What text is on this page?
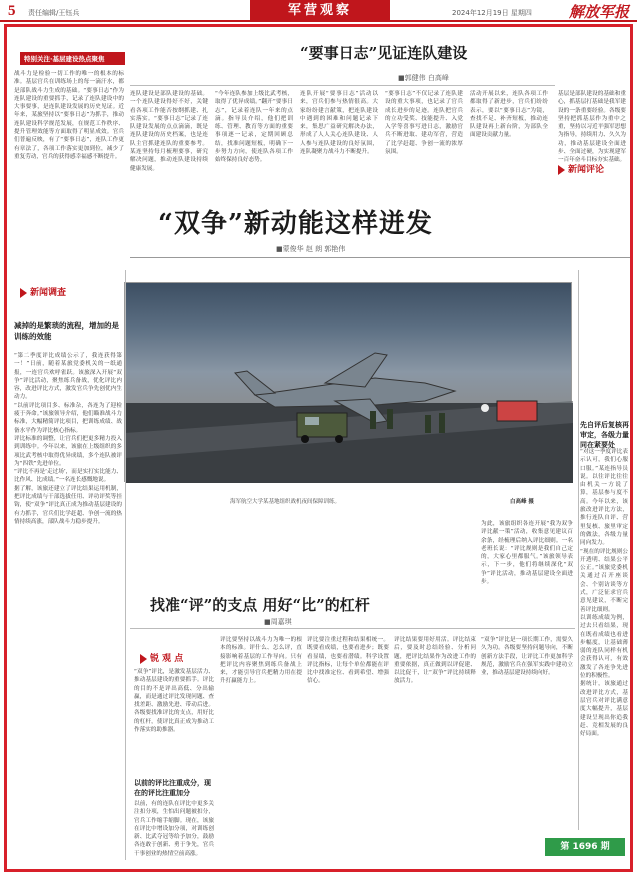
5 责任编辑/王钰兵	军营观察	2024年12月19日 星期四 解放军报
特别关注·基层建设热点聚焦
战斗力是检验一切工作的唯一的根本的标准。基层官兵在训练场上的每一滴汗水，都是部队战斗力生成的基础。“要事日志”作为连队建设的重要抓手，记录了连队建设中的大事要事，是连队建设发展的历史见证。近年来，某旅坚持以“要事日志”为抓手，推动连队建设科学规范发展，在规范工作秩序、提升管理效能等方面取得了明显成效。官兵们普遍反映，有了“要事日志”，连队工作更有章法了，各项工作落实更加到位，减少了重复劳动，官兵的获得感幸福感不断提升。
“要事日志”见证连队建设
■郭健伟 白高峰
连队建设是部队建设的基础。一个连队建设得好不好，关键看各项工作能否按纲抓建、扎实落实。“要事日志”记录了连队建设发展的点点滴滴，既是连队建设的历史档案，也是连队主官抓建连队的重要参考。某连坚持每月梳理要事，研究解决问题，推动连队建设持续健康发展。
“今年连队参加上级比武考核，取得了优异成绩。”翻开“要事日志”，记录着连队一年来的点滴。指导员介绍，他们把训练、管理、教育等方面的重要事项逐一记录，定期回顾总结，找准问题短板，明确下一步努力方向，使连队各项工作始终保持良好态势。
连队开展“要事日志”活动以来，官兵们参与热情很高。大家纷纷建言献策，把连队建设中遇到的困难和问题记录下来，集思广益研究解决办法，形成了人人关心连队建设、人人参与连队建设的良好氛围，连队凝聚力战斗力不断提升。
“要事日志”不仅记录了连队建设的重大事项，也记录了官兵成长进步的足迹。连队把官兵的立功受奖、技能提升、入党入学等喜事写进日志，激励官兵不断进取、建功军营，营造了比学赶超、争创一流的浓厚氛围。
活动开展以来，连队各项工作都取得了新进步，官兵们纷纷表示，要以“要事日志”为镜，查找不足、补齐短板，推动连队建设再上新台阶，为部队全面建设贡献力量。
新闻评论
基层是部队建设的基础和重心，抓基层打基础是我军建设的一条重要经验。各级要坚持把抓基层作为重中之重，坚持以习近平强军思想为指导，持续用力、久久为功，推动基层建设全面进步、全面过硬，为实现建军一百年奋斗目标夯实基础。
“双争”新动能这样迸发
■蒙俊华 赵 朗 郭艳伟
海军航空大学某基地组织战机夜间保障训练。	白高峰 摄
新闻调查
减掉的是繁琐的流程，增加的是训练的效能
“第二季度评比成绩公示了，我连获得第一！”日前，随着某旅党委机关的一纸通报，一连官兵欢呼雀跃。该旅深入开展“双争”评比活动，聚焦练兵备战，优化评比内容，改进评比方式，激发官兵争先创优内生动力。
“以前评比项目多、标准杂，各连为了迎检疲于奔命。”该旅领导介绍，他们瞄准战斗力标准，大幅精简评比项目，把训练成绩、战备水平作为评比核心指标。
评比标准的调整，让官兵们把更多精力投入到训练中。今年以来，该旅在上级组织的多项比武考核中取得优异成绩，多个连队被评为“四铁”先进单位。
“评比不再是‘走过场’，而是实打实比能力、比作风、比成绩。”一名连长感慨地说。
据了解，该旅还建立了评比结果运用机制，把评比成绩与干部选拔任用、评功评奖等挂钩，使“双争”评比真正成为推动基层建设的有力抓手，官兵们比学赶超、争创一流的热情持续高涨，部队战斗力稳步提升。
先自评后复核再审定，各级力量同在紧要处
“对这一季度评比表示认可，我们心服口服。”某连指导员说。以往评比往往由机关一方说了算，基层参与度不高。今年以来，该旅改进评比方法，推行连队自评、营里复核、旅里审定的做法，各级力量同向发力。
“现在的评比规则公开透明、结果公平公正。”该旅党委机关通过召开座谈会、个别访谈等方式，广泛征求官兵意见建议，不断完善评比细则。
以训练成绩为例，过去只看结果，现在既看成绩也看进步幅度，让基础薄弱的连队同样有机会获得认可，有效激发了各连争先进位的积极性。
据统计，该旅通过改进评比方式，基层官兵对评比满意度大幅提升，基层建设呈现出你追我赶、竞相发展的良好局面。
找准“评”的支点 用好“比”的杠杆
■周嘉琪
锐 观 点
“双争”评比，是激发基层活力、推动基层建设的重要抓手。评比的目的不是评出高低、分出输赢，而是通过评比发现问题、查找差距、激励先进、带动后进。各级要找准评比的支点，用好比的杠杆，使评比真正成为推动工作落实的助推器。
以前的评比注重成分，现在的评比注重加分
以前，有的连队在评比中更多关注扣分项，生怕出问题被扣分，官兵工作缩手缩脚。现在，该旅在评比中增设加分项，对训练创新、比武夺冠等给予加分，鼓励各连敢于创新、勇于争先，官兵干事创业的热情空前高涨。
评比要坚持以战斗力为唯一的根本的标准。评什么、怎么评，直接影响着基层的工作导向。只有把评比内容聚焦到练兵备战上来，才能引导官兵把精力用在提升打赢能力上。
评比要注重过程和结果相统一。既要看成绩，也要看进步；既要看显绩，也要看潜绩。科学设置评比指标，让每个单位都能在评比中找准定位、看到希望、增强信心。
评比结果要用好用活。评比结束后，要及时总结经验、分析问题，把评比结果作为改进工作的重要依据，真正做到以评促建、以比促干，让“双争”评比持续释放活力。
“双争”评比是一项长期工作，需要久久为功。各级要坚持问题导向，不断创新方法手段，让评比工作更加科学规范，激励官兵在强军实践中建功立业，推动基层建设持续向好。
为此，该旅组织各连开展“我为双争评比献一策”活动，收集意见建议百余条，经梳理后纳入评比细则。一名老班长说：“评比规则是我们自己定的，大家心里都服气。”该旅领导表示，下一步，他们将继续深化“双争”评比活动，推动基层建设全面进步。
第 1696 期
